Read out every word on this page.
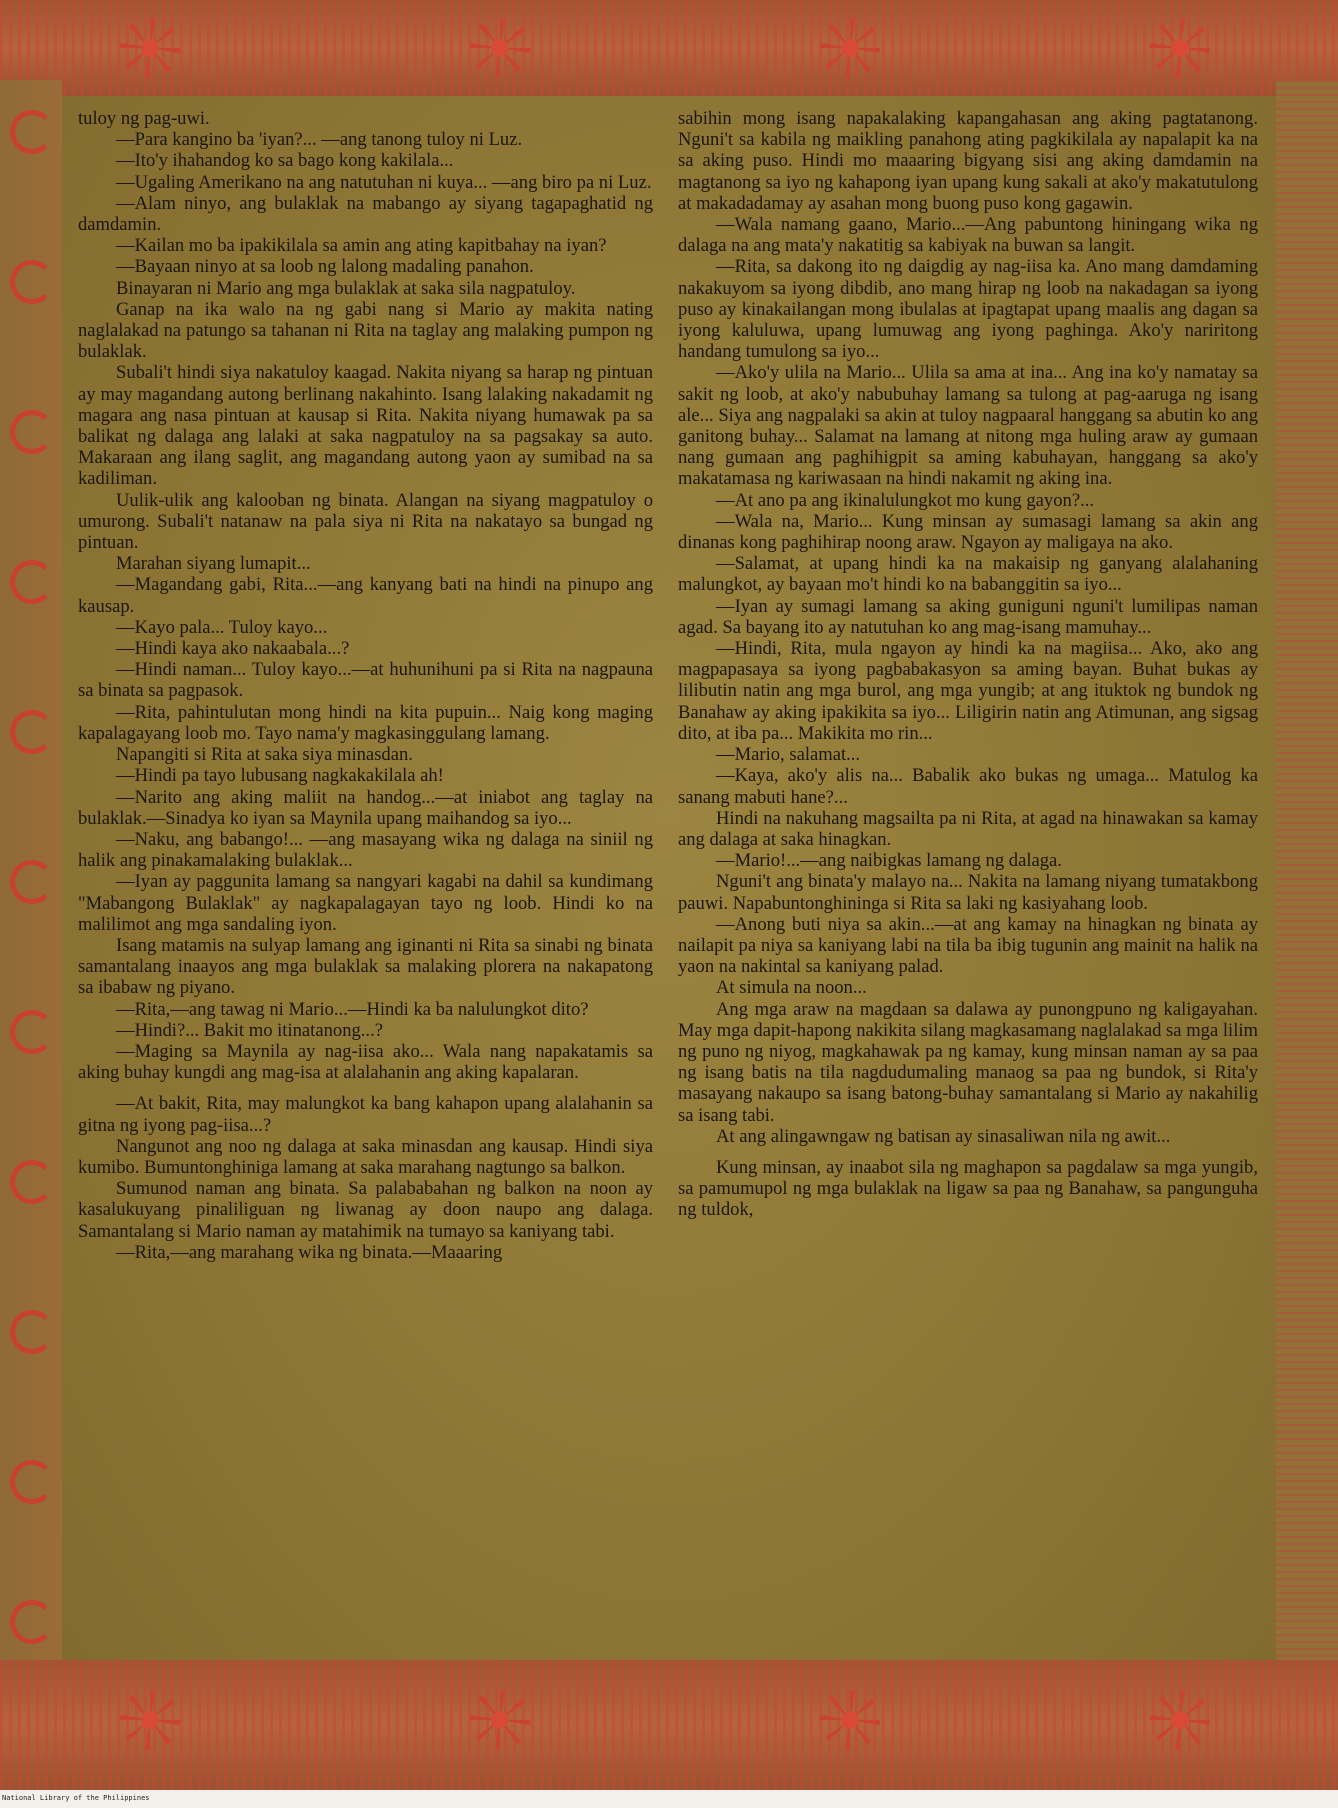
tuloy ng pag-uwi.

—Para kangino ba 'iyan?... —ang tanong tuloy ni Luz.

—Ito'y ihahandog ko sa bago kong kakilala...

—Ugaling Amerikano na ang natutuhan ni kuya... —ang biro pa ni Luz.

—Alam ninyo, ang bulaklak na mabango ay siyang tagapaghatid ng damdamin.

—Kailan mo ba ipakikilala sa amin ang ating kapitbahay na iyan?

—Bayaan ninyo at sa loob ng lalong madaling panahon.

Binayaran ni Mario ang mga bulaklak at saka sila nagpatuloy.

Ganap na ika walo na ng gabi nang si Mario ay makita nating naglalakad na patungo sa tahanan ni Rita na taglay ang malaking pumpon ng bulaklak.

Subali't hindi siya nakatuloy kaagad. Nakita niyang sa harap ng pintuan ay may magandang autong berlinang nakahinto. Isang lalaking nakadamit ng magara ang nasa pintuan at kausap si Rita. Nakita niyang humawak pa sa balikat ng dalaga ang lalaki at saka nagpatuloy na sa pagsakay sa auto. Makaraan ang ilang saglit, ang magandang autong yaon ay sumibad na sa kadiliman.

Uulik-ulik ang kalooban ng binata. Alangan na siyang magpatuloy o umurong. Subali't natanaw na pala siya ni Rita na nakatayo sa bungad ng pintuan.

Marahan siyang lumapit...

—Magandang gabi, Rita...—ang kanyang bati na hindi na pinupo ang kausap.

—Kayo pala... Tuloy kayo...

—Hindi kaya ako nakaabala...?

—Hindi naman... Tuloy kayo...—at huhunihuni pa si Rita na nagpauna sa binata sa pagpasok.

—Rita, pahintulutan mong hindi na kita pupuin... Naig kong maging kapalagayang loob mo. Tayo nama'y magkasinggulang lamang.

Napangiti si Rita at saka siya minasdan.

—Hindi pa tayo lubusang nagkakakilala ah!

—Narito ang aking maliit na handog...—at iniabot ang taglay na bulaklak.—Sinadya ko iyan sa Maynila upang maihandog sa iyo...

—Naku, ang babango!... —ang masayang wika ng dalaga na siniil ng halik ang pinakamalaking bulaklak...

—Iyan ay paggunita lamang sa nangyari kagabi na dahil sa kundimang "Mabangong Bulaklak" ay nagkapalagayan tayo ng loob. Hindi ko na malilimot ang mga sandaling iyon.

Isang matamis na sulyap lamang ang iginanti ni Rita sa sinabi ng binata samantalang inaayos ang mga bulaklak sa malaking plorera na nakapatong sa ibabaw ng piyano.

—Rita,—ang tawag ni Mario...—Hindi ka ba nalulungkot dito?

—Hindi?... Bakit mo itinatanong...?

—Maging sa Maynila ay nag-iisa ako... Wala nang napakatamis sa aking buhay kungdi ang mag-isa at alalahanin ang aking kapalaran.

—At bakit, Rita, may malungkot ka bang kahapon upang alalahanin sa gitna ng iyong pag-iisa...?

Nangunot ang noo ng dalaga at saka minasdan ang kausap. Hindi siya kumibo. Bumuntonghiniga lamang at saka marahang nagtungo sa balkon.

Sumunod naman ang binata. Sa palababahan ng balkon na noon ay kasalukuyang pinaliliguan ng liwanag ay doon naupo ang dalaga. Samantalang si Mario naman ay matahimik na tumayo sa kaniyang tabi.

—Rita,—ang marahang wika ng binata.—Maaaring

sabihin mong isang napakalaking kapangahasan ang aking pagtatanong. Nguni't sa kabila ng maikling panahong ating pagkikilala ay napalapit ka na sa aking puso. Hindi mo maaaring bigyang sisi ang aking damdamin na magtanong sa iyo ng kahapong iyan upang kung sakali at ako'y makatutulong at makadadamay ay asahan mong buong puso kong gagawin.

—Wala namang gaano, Mario...—Ang pabuntong hiningang wika ng dalaga na ang mata'y nakatitig sa kabiyak na buwan sa langit.

—Rita, sa dakong ito ng daigdig ay nag-iisa ka. Ano mang damdaming nakakuyom sa iyong dibdib, ano mang hirap ng loob na nakadagan sa iyong puso ay kinakailangan mong ibulalas at ipagtapat upang maalis ang dagan sa iyong kaluluwa, upang lumuwag ang iyong paghinga. Ako'y nariritong handang tumulong sa iyo...

—Ako'y ulila na Mario... Ulila sa ama at ina... Ang ina ko'y namatay sa sakit ng loob, at ako'y nabubuhay lamang sa tulong at pag-aaruga ng isang ale... Siya ang nagpalaki sa akin at tuloy nagpaaral hanggang sa abutin ko ang ganitong buhay... Salamat na lamang at nitong mga huling araw ay gumaan nang gumaan ang paghihigpit sa aming kabuhayan, hanggang sa ako'y makatamasa ng kariwasaan na hindi nakamit ng aking ina.

—At ano pa ang ikinalulungkot mo kung gayon?...

—Wala na, Mario... Kung minsan ay sumasagi lamang sa akin ang dinanas kong paghihirap noong araw. Ngayon ay maligaya na ako.

—Salamat, at upang hindi ka na makaisip ng ganyang alalahaning malungkot, ay bayaan mo't hindi ko na babanggitin sa iyo...

—Iyan ay sumagi lamang sa aking guniguni nguni't lumilipas naman agad. Sa bayang ito ay natutuhan ko ang mag-isang mamuhay...

—Hindi, Rita, mula ngayon ay hindi ka na magiisa... Ako, ako ang magpapasaya sa iyong pagbabakasyon sa aming bayan. Buhat bukas ay lilibutin natin ang mga burol, ang mga yungib; at ang ituktok ng bundok ng Banahaw ay aking ipakikita sa iyo... Liligirin natin ang Atimunan, ang sigsag dito, at iba pa... Makikita mo rin...

—Mario, salamat...

—Kaya, ako'y alis na... Babalik ako bukas ng umaga... Matulog ka sanang mabuti hane?...

Hindi na nakuhang magsailta pa ni Rita, at agad na hinawakan sa kamay ang dalaga at saka hinagkan.

—Mario!...—ang naibigkas lamang ng dalaga.

Nguni't ang binata'y malayo na... Nakita na lamang niyang tumatakbong pauwi. Napabuntonghininga si Rita sa laki ng kasiyahang loob.

—Anong buti niya sa akin...—at ang kamay na hinagkan ng binata ay nailapit pa niya sa kaniyang labi na tila ba ibig tugunin ang mainit na halik na yaon na nakintal sa kaniyang palad.

At simula na noon...

Ang mga araw na magdaan sa dalawa ay punongpuno ng kaligayahan. May mga dapit-hapong nakikita silang magkasamang naglalakad sa mga lilim ng puno ng niyog, magkahawak pa ng kamay, kung minsan naman ay sa paa ng isang batis na tila nagdudumaling manaog sa paa ng bundok, si Rita'y masayang nakaupo sa isang batong-buhay samantalang si Mario ay nakahilig sa isang tabi.

At ang alingawngaw ng batisan ay sinasaliwan nila ng awit...

Kung minsan, ay inaabot sila ng maghapon sa pagdalaw sa mga yungib, sa pamumupol ng mga bulaklak na ligaw sa paa ng Banahaw, sa pangunguha ng tuldok,

National Library of the Philippines
